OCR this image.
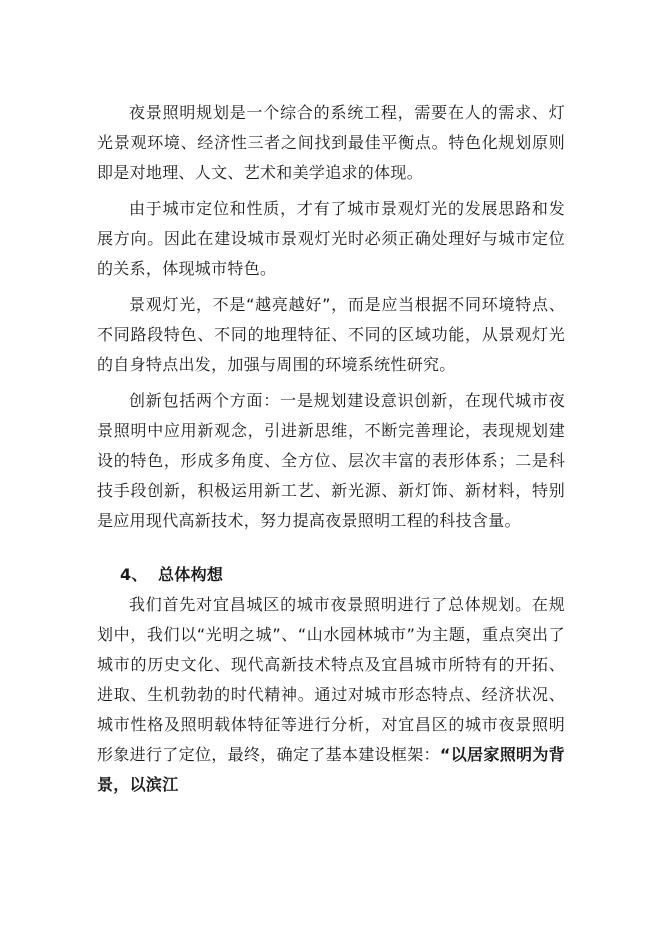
夜景照明规划是一个综合的系统工程，需要在人的需求、灯光景观环境、经济性三者之间找到最佳平衡点。特色化规划原则即是对地理、人文、艺术和美学追求的体现。

由于城市定位和性质，才有了城市景观灯光的发展思路和发展方向。因此在建设城市景观灯光时必须正确处理好与城市定位的关系，体现城市特色。

景观灯光，不是“越亮越好”，而是应当根据不同环境特点、不同路段特色、不同的地理特征、不同的区域功能，从景观灯光的自身特点出发，加强与周围的环境系统性研究。

创新包括两个方面：一是规划建设意识创新，在现代城市夜景照明中应用新观念，引进新思维，不断完善理论，表现规划建设的特色，形成多角度、全方位、层次丰富的表形体系；二是科技手段创新，积极运用新工艺、新光源、新灯饰、新材料，特别是应用现代高新技术，努力提高夜景照明工程的科技含量。

4、 总体构想

我们首先对宜昌城区的城市夜景照明进行了总体规划。在规划中，我们以“光明之城”、“山水园林城市”为主题，重点突出了城市的历史文化、现代高新技术特点及宜昌城市所特有的开拓、进取、生机勃勃的时代精神。通过对城市形态特点、经济状况、城市性格及照明载体特征等进行分析，对宜昌区的城市夜景照明形象进行了定位，最终，确定了基本建设框架：“以居家照明为背景，以滨江
